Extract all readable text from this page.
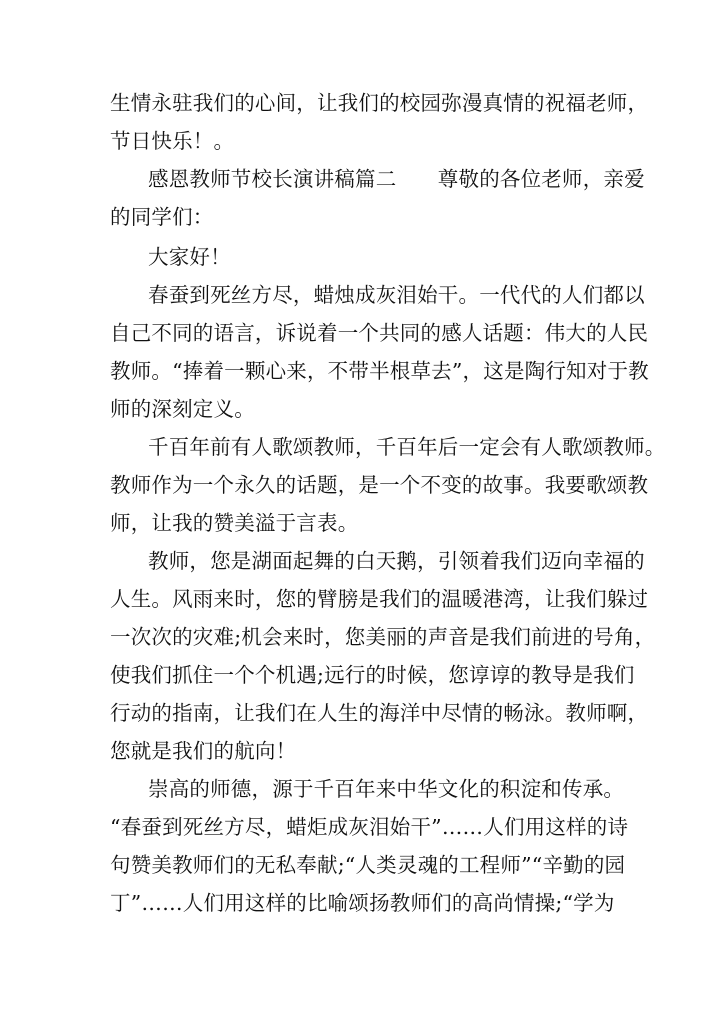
生情永驻我们的心间，让我们的校园弥漫真情的祝福老师，
节日快乐！。
感恩教师节校长演讲稿篇二　　尊敬的各位老师，亲爱
的同学们：
大家好！
春蚕到死丝方尽，蜡烛成灰泪始干。一代代的人们都以
自己不同的语言，诉说着一个共同的感人话题：伟大的人民
教师。“捧着一颗心来，不带半根草去”，这是陶行知对于教
师的深刻定义。
千百年前有人歌颂教师，千百年后一定会有人歌颂教师。
教师作为一个永久的话题，是一个不变的故事。我要歌颂教
师，让我的赞美溢于言表。
教师，您是湖面起舞的白天鹅，引领着我们迈向幸福的
人生。风雨来时，您的臂膀是我们的温暖港湾，让我们躲过
一次次的灾难;机会来时，您美丽的声音是我们前进的号角，
使我们抓住一个个机遇;远行的时候，您谆谆的教导是我们
行动的指南，让我们在人生的海洋中尽情的畅泳。教师啊，
您就是我们的航向！
崇高的师德，源于千百年来中华文化的积淀和传承。
“春蚕到死丝方尽，蜡炬成灰泪始干”……人们用这样的诗
句赞美教师们的无私奉献;“人类灵魂的工程师”“辛勤的园
丁”……人们用这样的比喻颂扬教师们的高尚情操;“学为
